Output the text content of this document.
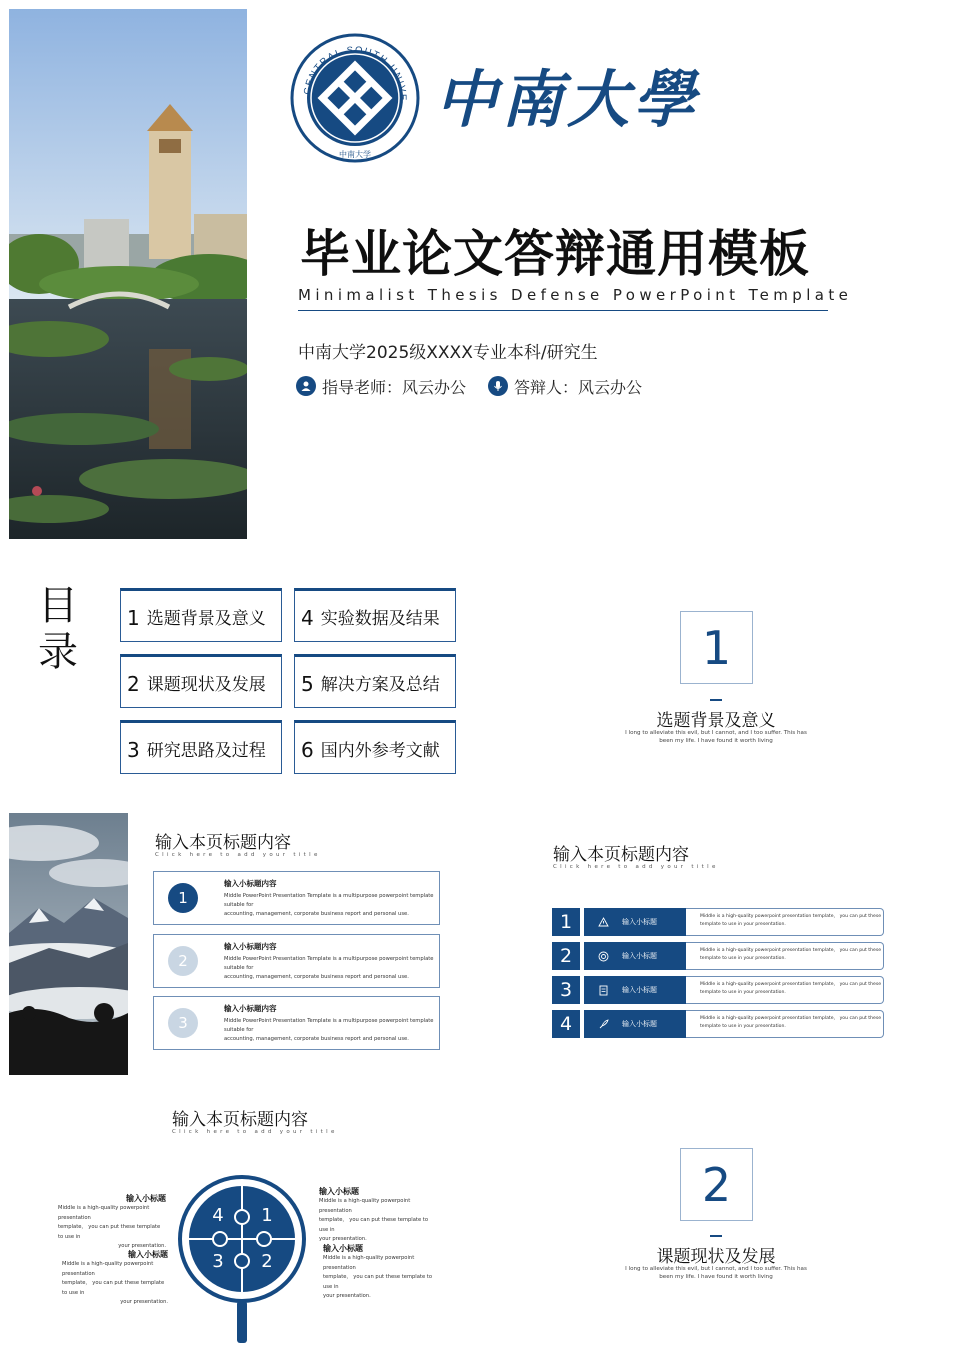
CENTRAL SOUTH UNIVE
中南大学
中南大學
毕业论文答辩通用模板
Minimalist Thesis Defense PowerPoint Template
中南大学2025级XXXX专业本科/研究生
指导老师：风云办公	答辩人：风云办公
目录
1 选题背景及意义
2 课题现状及发展
3 研究思路及过程
4 实验数据及结果
5 解决方案及总结
6 国内外参考文献
1
选题背景及意义
I long to alleviate this evil, but I cannot, and I too suffer. This has
been my life. I have found it worth living
输入本页标题内容
Click here to add your title
1
输入小标题内容
Middle PowerPoint Presentation Template is a multipurpose powerpoint template suitable for
accounting, management, corporate business report and personal use.
2
输入小标题内容
Middle PowerPoint Presentation Template is a multipurpose powerpoint template suitable for
accounting, management, corporate business report and personal use.
3
输入小标题内容
Middle PowerPoint Presentation Template is a multipurpose powerpoint template suitable for
accounting, management, corporate business report and personal use.
输入本页标题内容
Click here to add your title
1	输入小标题
Middle is a high-quality powerpoint presentation template， you can put these
template to use in your presentation.
2	输入小标题
Middle is a high-quality powerpoint presentation template， you can put these
template to use in your presentation.
3	输入小标题
Middle is a high-quality powerpoint presentation template， you can put these
template to use in your presentation.
4	输入小标题
Middle is a high-quality powerpoint presentation template， you can put these
template to use in your presentation.
输入本页标题内容
Click here to add your title
1
2
3
4
输入小标题
Middle is a high-quality powerpoint presentation
template， you can put these template to use in
your presentation.
输入小标题
Middle is a high-quality powerpoint presentation
template， you can put these template to use in
your presentation.
输入小标题
Middle is a high-quality powerpoint presentation
template， you can put these template to use in
your presentation.
输入小标题
Middle is a high-quality powerpoint presentation
template， you can put these template to use in
your presentation.
2
课题现状及发展
I long to alleviate this evil, but I cannot, and I too suffer. This has
been my life. I have found it worth living
